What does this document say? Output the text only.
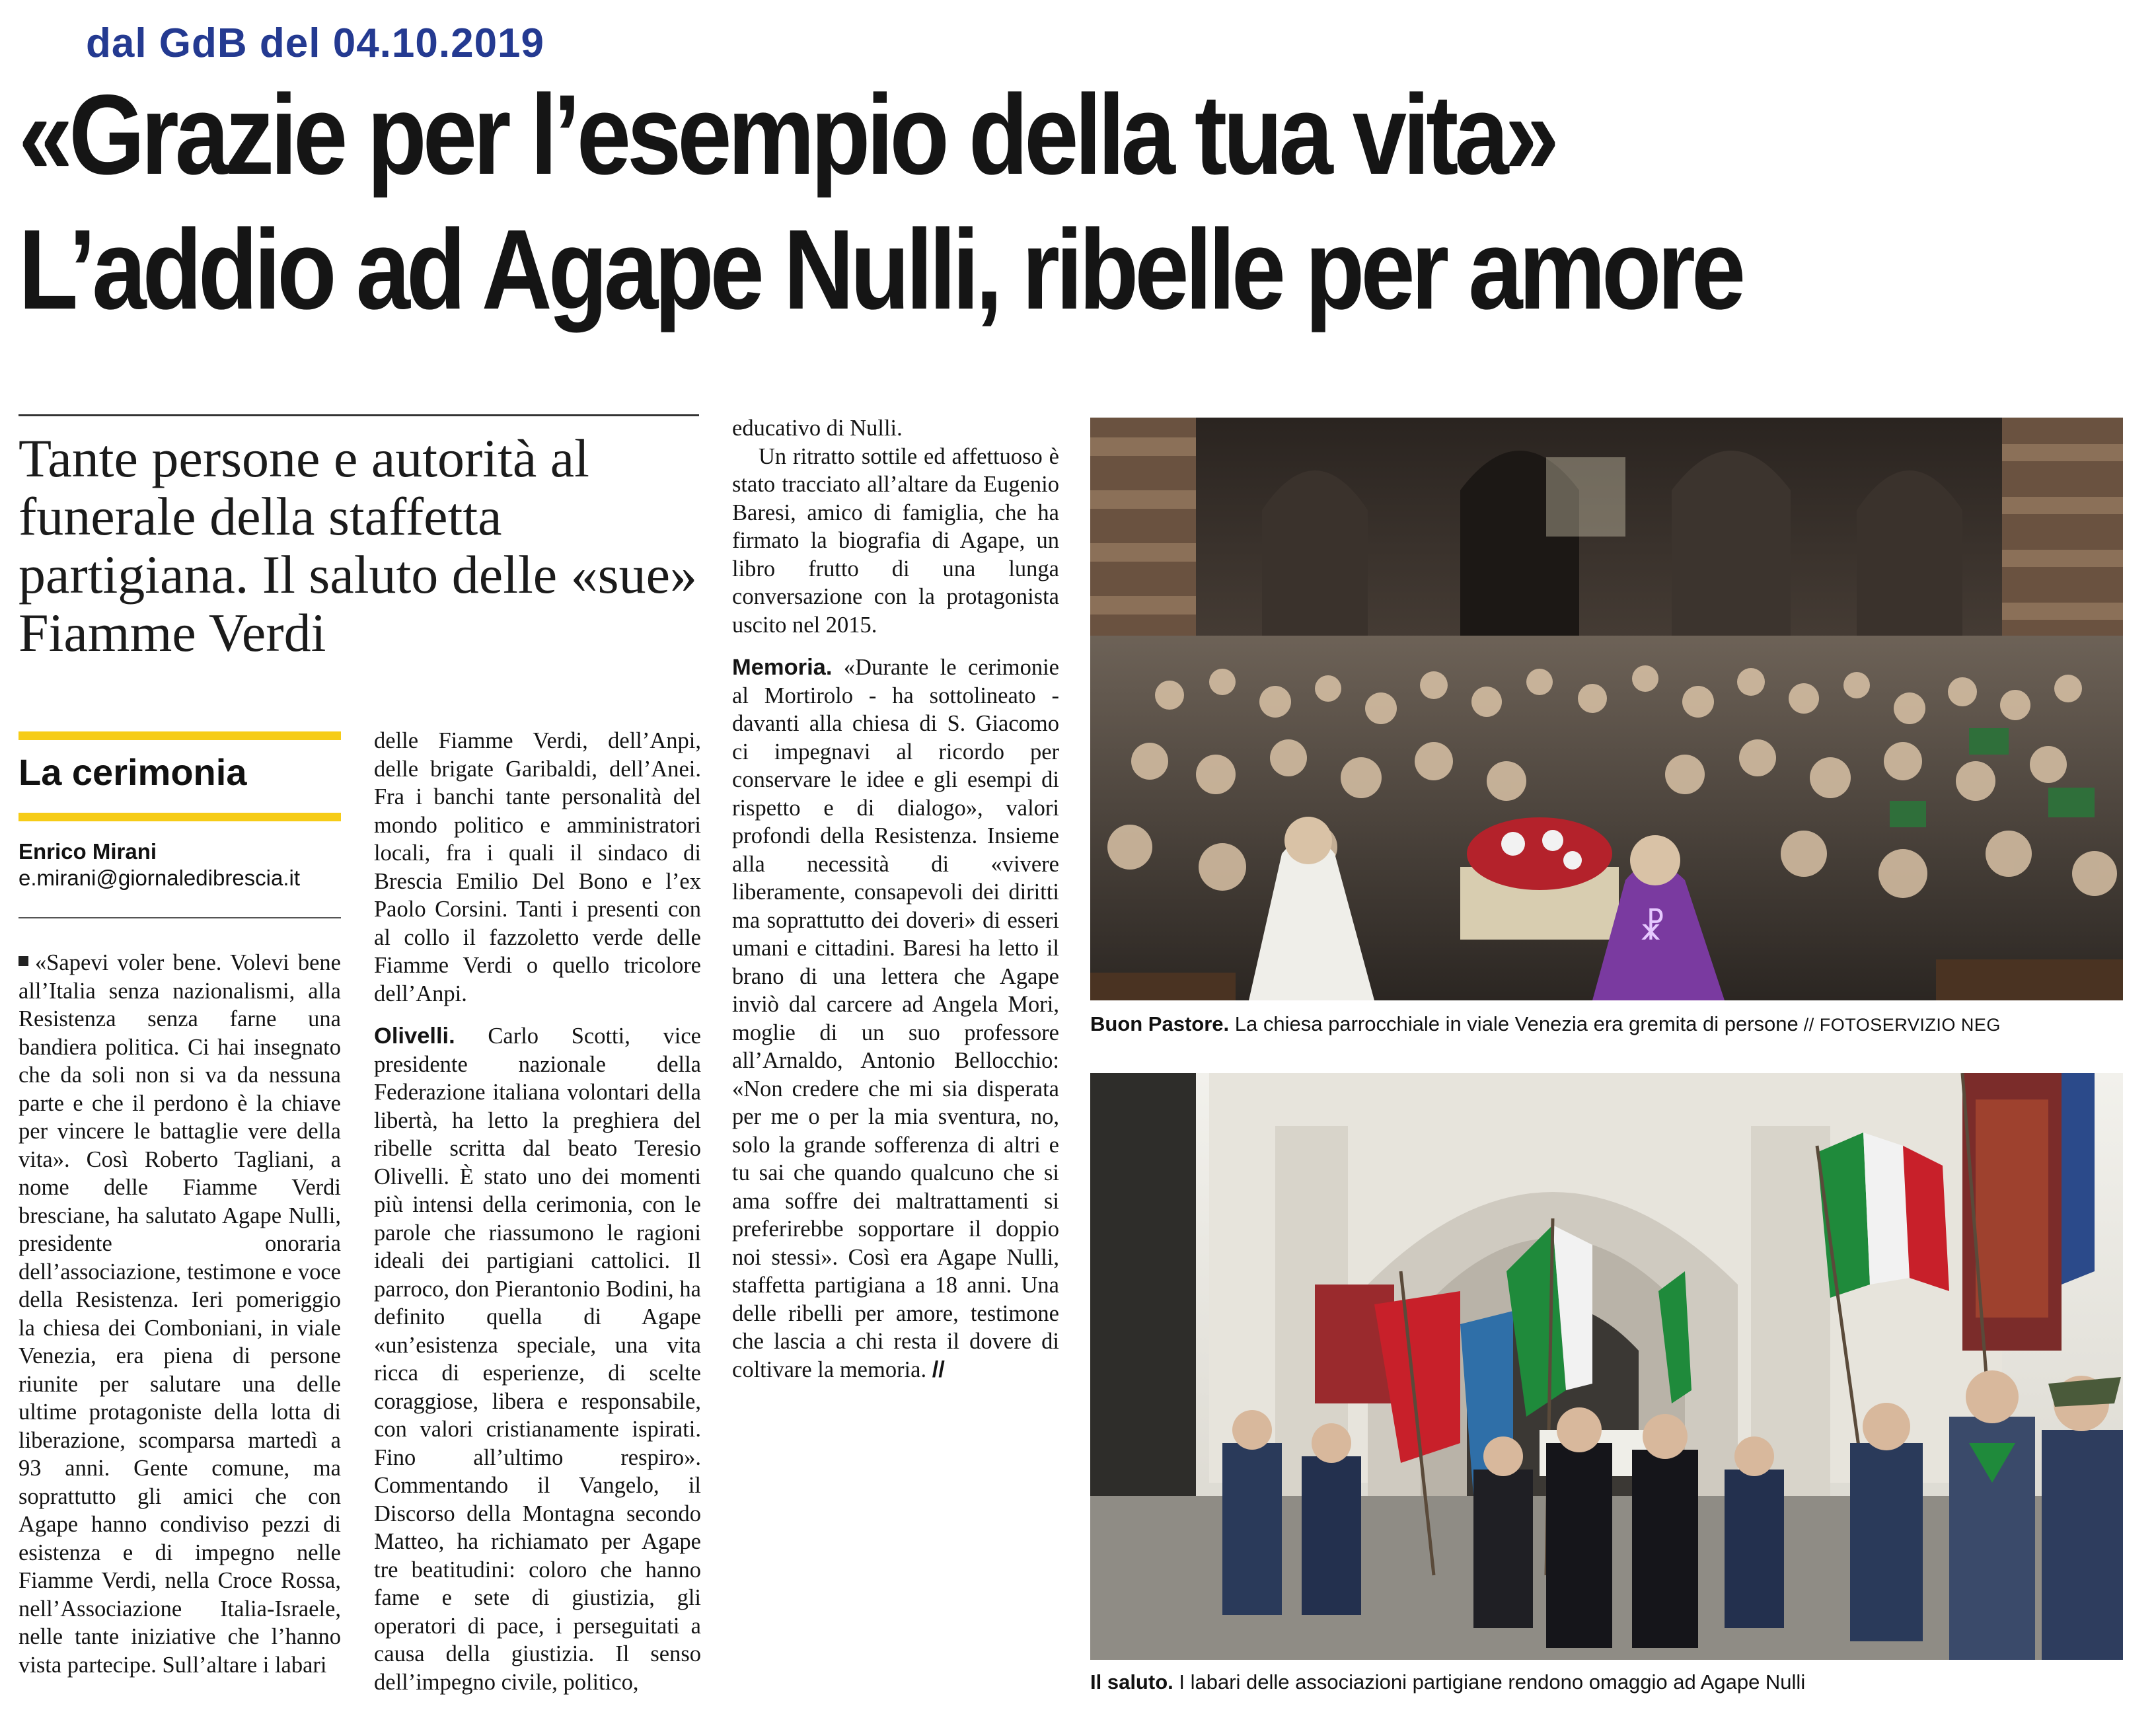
dal GdB del 04.10.2019
«Grazie per l’esempio della tua vita»
L’addio ad Agape Nulli, ribelle per amore
Tante persone e autorità al funerale della staffetta partigiana. Il saluto delle «sue» Fiamme Verdi
La cerimonia
Enrico Mirani
e.mirani@giornaledibrescia.it

«Sapevi voler bene. Volevi bene all’Italia senza nazionalismi, alla Resistenza senza farne una bandiera politica. Ci hai insegnato che da soli non si va da nessuna parte e che il perdono è la chiave per vincere le battaglie vere della vita». Così Roberto Tagliani, a nome delle Fiamme Verdi bresciane, ha salutato Agape Nulli, presidente onoraria dell’associazione, testimone e voce della Resistenza. Ieri pomeriggio la chiesa dei Comboniani, in viale Venezia, era piena di persone riunite per salutare una delle ultime protagoniste della lotta di liberazione, scomparsa martedì a 93 anni. Gente comune, ma soprattutto gli amici che con Agape hanno condiviso pezzi di esistenza e di impegno nelle Fiamme Verdi, nella Croce Rossa, nell’Associazione Italia-Israele, nelle tante iniziative che l’hanno vista partecipe. Sull’altare i labari

delle Fiamme Verdi, dell’Anpi, delle brigate Garibaldi, dell’Anei. Fra i banchi tante personalità del mondo politico e amministratori locali, fra i quali il sindaco di Brescia Emilio Del Bono e l’ex Paolo Corsini. Tanti i presenti con al collo il fazzoletto verde delle Fiamme Verdi o quello tricolore dell’Anpi.

Olivelli. Carlo Scotti, vice presidente nazionale della Federazione italiana volontari della libertà, ha letto la preghiera del ribelle scritta dal beato Teresio Olivelli. È stato uno dei momenti più intensi della cerimonia, con le parole che riassumono le ragioni ideali dei partigiani cattolici. Il parroco, don Pierantonio Bodini, ha definito quella di Agape «un’esistenza speciale, una vita ricca di esperienze, di scelte coraggiose, libera e responsabile, con valori cristianamente ispirati. Fino all’ultimo respiro». Commentando il Vangelo, il Discorso della Montagna secondo Matteo, ha richiamato per Agape tre beatitudini: coloro che hanno fame e sete di giustizia, gli operatori di pace, i perseguitati a causa della giustizia. Il senso dell’impegno civile, politico,

educativo di Nulli.

Un ritratto sottile ed affettuoso è stato tracciato all’altare da Eugenio Baresi, amico di famiglia, che ha firmato la biografia di Agape, un libro frutto di una lunga conversazione con la protagonista uscito nel 2015.

Memoria. «Durante le cerimonie al Mortirolo - ha sottolineato - davanti alla chiesa di S. Giacomo ci impegnavi al ricordo per conservare le idee e gli esempi di rispetto e di dialogo», valori profondi della Resistenza. Insieme alla necessità di «vivere liberamente, consapevoli dei diritti ma soprattutto dei doveri» di esseri umani e cittadini. Baresi ha letto il brano di una lettera che Agape inviò dal carcere ad Angela Mori, moglie di un suo professore all’Arnaldo, Antonio Bellocchio: «Non credere che mi sia disperata per me o per la mia sventura, no, solo la grande sofferenza di altri e tu sai che quando qualcuno che si ama soffre dei maltrattamenti si preferirebbe sopportare il doppio noi stessi». Così era Agape Nulli, staffetta partigiana a 18 anni. Una delle ribelli per amore, testimone che lascia a chi resta il dovere di coltivare la memoria. //

☧
Buon Pastore. La chiesa parrocchiale in viale Venezia era gremita di persone // FOTOSERVIZIO NEG
Il saluto. I labari delle associazioni partigiane rendono omaggio ad Agape Nulli
